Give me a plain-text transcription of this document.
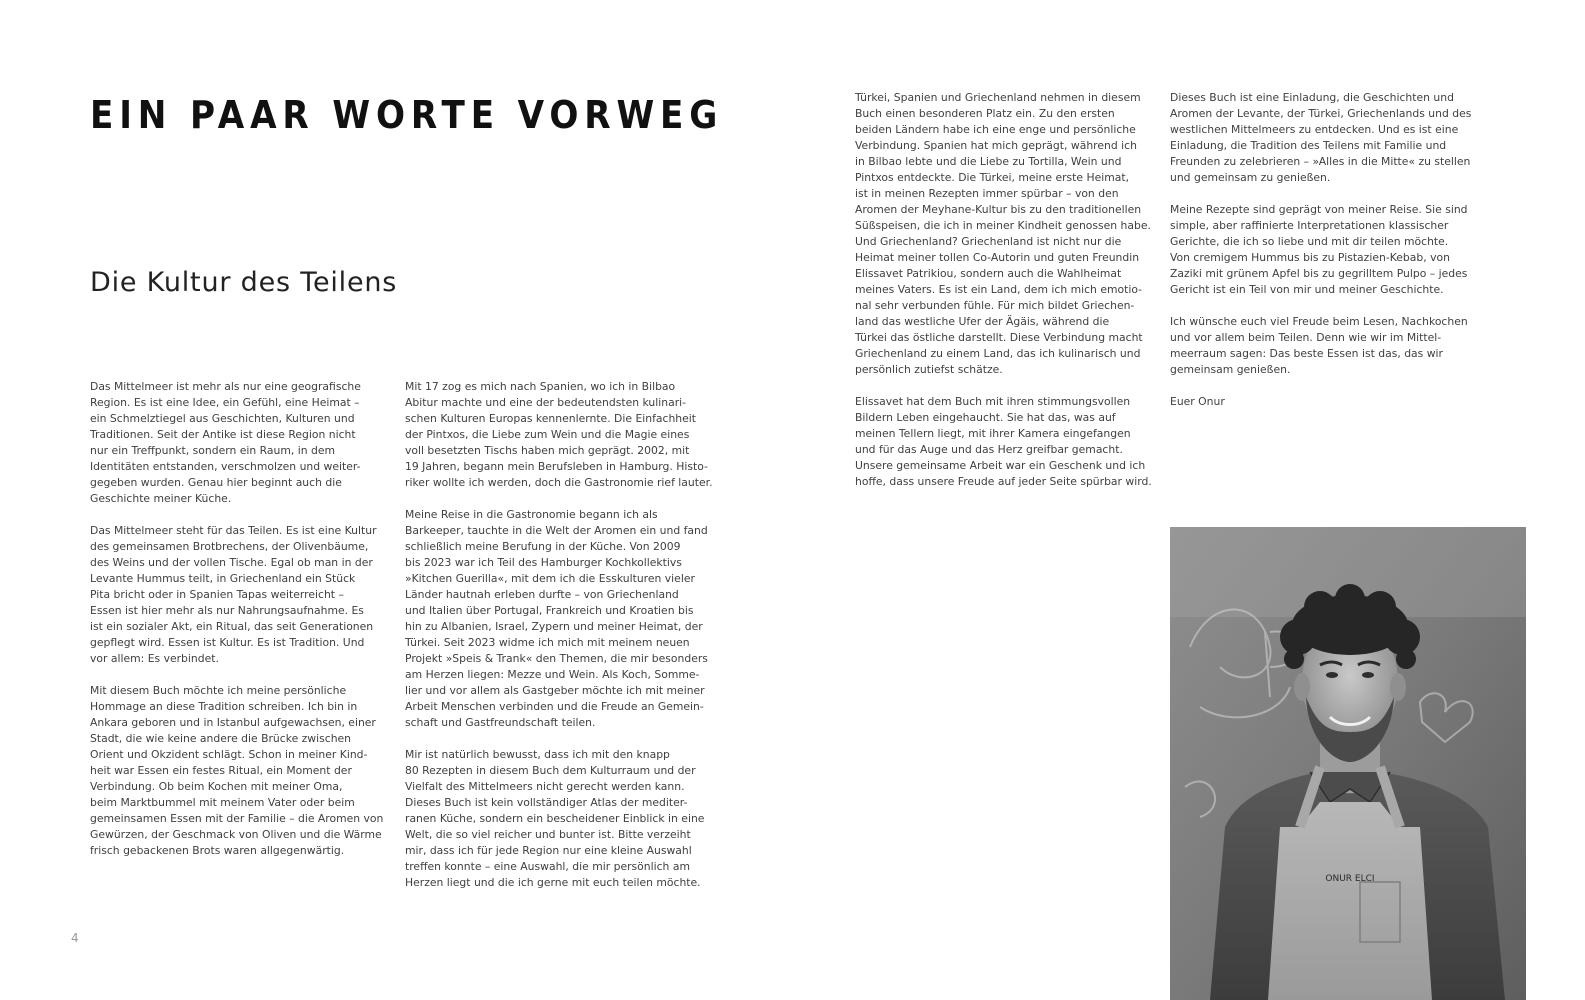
EIN PAAR WORTE VORWEG
Die Kultur des Teilens

Das Mittelmeer ist mehr als nur eine geografische
Region. Es ist eine Idee, ein Gefühl, eine Heimat –
ein Schmelztiegel aus Geschichten, Kulturen und
Traditionen. Seit der Antike ist diese Region nicht
nur ein Treffpunkt, sondern ein Raum, in dem
Identitäten entstanden, verschmolzen und weiter-
gegeben wurden. Genau hier beginnt auch die
Geschichte meiner Küche.

Das Mittelmeer steht für das Teilen. Es ist eine Kultur
des gemeinsamen Brotbrechens, der Olivenbäume,
des Weins und der vollen Tische. Egal ob man in der
Levante Hummus teilt, in Griechenland ein Stück
Pita bricht oder in Spanien Tapas weiterreicht –
Essen ist hier mehr als nur Nahrungsaufnahme. Es
ist ein sozialer Akt, ein Ritual, das seit Generationen
gepflegt wird. Essen ist Kultur. Es ist Tradition. Und
vor allem: Es verbindet.

Mit diesem Buch möchte ich meine persönliche
Hommage an diese Tradition schreiben. Ich bin in
Ankara geboren und in Istanbul aufgewachsen, einer
Stadt, die wie keine andere die Brücke zwischen
Orient und Okzident schlägt. Schon in meiner Kind-
heit war Essen ein festes Ritual, ein Moment der
Verbindung. Ob beim Kochen mit meiner Oma,
beim Marktbummel mit meinem Vater oder beim
gemeinsamen Essen mit der Familie – die Aromen von
Gewürzen, der Geschmack von Oliven und die Wärme
frisch gebackenen Brots waren allgegenwärtig.

Mit 17 zog es mich nach Spanien, wo ich in Bilbao
Abitur machte und eine der bedeutendsten kulinari-
schen Kulturen Europas kennenlernte. Die Einfachheit
der Pintxos, die Liebe zum Wein und die Magie eines
voll besetzten Tischs haben mich geprägt. 2002, mit
19 Jahren, begann mein Berufsleben in Hamburg. Histo-
riker wollte ich werden, doch die Gastronomie rief lauter.

Meine Reise in die Gastronomie begann ich als
Barkeeper, tauchte in die Welt der Aromen ein und fand
schließlich meine Berufung in der Küche. Von 2009
bis 2023 war ich Teil des Hamburger Kochkollektivs
»Kitchen Guerilla«, mit dem ich die Esskulturen vieler
Länder hautnah erleben durfte – von Griechenland
und Italien über Portugal, Frankreich und Kroatien bis
hin zu Albanien, Israel, Zypern und meiner Heimat, der
Türkei. Seit 2023 widme ich mich mit meinem neuen
Projekt »Speis & Trank« den Themen, die mir besonders
am Herzen liegen: Mezze und Wein. Als Koch, Somme-
lier und vor allem als Gastgeber möchte ich mit meiner
Arbeit Menschen verbinden und die Freude an Gemein-
schaft und Gastfreundschaft teilen.

Mir ist natürlich bewusst, dass ich mit den knapp
80 Rezepten in diesem Buch dem Kulturraum und der
Vielfalt des Mittelmeers nicht gerecht werden kann.
Dieses Buch ist kein vollständiger Atlas der mediter-
ranen Küche, sondern ein bescheidener Einblick in eine
Welt, die so viel reicher und bunter ist. Bitte verzeiht
mir, dass ich für jede Region nur eine kleine Auswahl
treffen konnte – eine Auswahl, die mir persönlich am
Herzen liegt und die ich gerne mit euch teilen möchte.

Türkei, Spanien und Griechenland nehmen in diesem
Buch einen besonderen Platz ein. Zu den ersten
beiden Ländern habe ich eine enge und persönliche
Verbindung. Spanien hat mich geprägt, während ich
in Bilbao lebte und die Liebe zu Tortilla, Wein und
Pintxos entdeckte. Die Türkei, meine erste Heimat,
ist in meinen Rezepten immer spürbar – von den
Aromen der Meyhane-Kultur bis zu den traditionellen
Süßspeisen, die ich in meiner Kindheit genossen habe.
Und Griechenland? Griechenland ist nicht nur die
Heimat meiner tollen Co-Autorin und guten Freundin
Elissavet Patrikiou, sondern auch die Wahlheimat
meines Vaters. Es ist ein Land, dem ich mich emotio-
nal sehr verbunden fühle. Für mich bildet Griechen-
land das westliche Ufer der Ägäis, während die
Türkei das östliche darstellt. Diese Verbindung macht
Griechenland zu einem Land, das ich kulinarisch und
persönlich zutiefst schätze.

Elissavet hat dem Buch mit ihren stimmungsvollen
Bildern Leben eingehaucht. Sie hat das, was auf
meinen Tellern liegt, mit ihrer Kamera eingefangen
und für das Auge und das Herz greifbar gemacht.
Unsere gemeinsame Arbeit war ein Geschenk und ich
hoffe, dass unsere Freude auf jeder Seite spürbar wird.

Dieses Buch ist eine Einladung, die Geschichten und
Aromen der Levante, der Türkei, Griechenlands und des
westlichen Mittelmeers zu entdecken. Und es ist eine
Einladung, die Tradition des Teilens mit Familie und
Freunden zu zelebrieren – »Alles in die Mitte« zu stellen
und gemeinsam zu genießen.

Meine Rezepte sind geprägt von meiner Reise. Sie sind
simple, aber raffinierte Interpretationen klassischer
Gerichte, die ich so liebe und mit dir teilen möchte.
Von cremigem Hummus bis zu Pistazien-Kebab, von
Zaziki mit grünem Apfel bis zu gegrilltem Pulpo – jedes
Gericht ist ein Teil von mir und meiner Geschichte.

Ich wünsche euch viel Freude beim Lesen, Nachkochen
und vor allem beim Teilen. Denn wie wir im Mittel-
meerraum sagen: Das beste Essen ist das, das wir
gemeinsam genießen.

Euer Onur

4
ONUR ELCI
